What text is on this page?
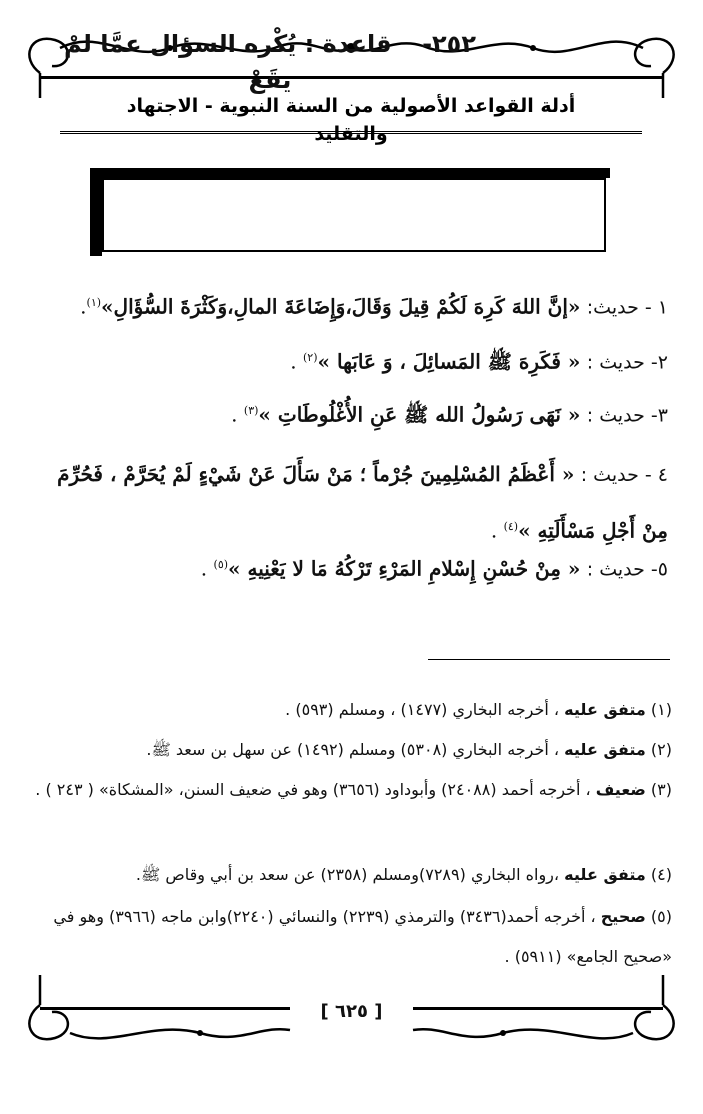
أدلة القواعد الأصولية من السنة النبوية - الاجتهاد والتقليد
٢٥٢- قاعدة : يُكْره السؤال عمَّا لمْ يقَعْ

١ - حديث: «إنَّ اللهَ كَرِهَ لَكُمْ قِيلَ وَقَالَ،وَإِضَاعَةَ المالِ،وَكَثْرَةَ السُّؤَالِ»$^{(١)}$.

٢- حديث : « فَكَرِهَ ﷺ المَسائِلَ ، وَ عَابَها »$^{(٢)}$ .

٣- حديث : « نَهَى رَسُولُ الله ﷺ عَنِ الأُغْلُوطَاتِ »$^{(٣)}$ .

٤ - حديث : « أَعْظَمُ المُسْلِمِينَ جُرْماً ؛ مَنْ سَأَلَ عَنْ شَيْءٍ لَمْ يُحَرَّمْ ، فَحُرِّمَ مِنْ أَجْلِ مَسْأَلَتِهِ »$^{(٤)}$ .

٥- حديث : « مِنْ حُسْنِ إِسْلامِ المَرْءِ تَرْكُهُ مَا لا يَعْنِيهِ »$^{(٥)}$ .

(١) متفق عليه ، أخرجه البخاري (١٤٧٧) ، ومسلم (٥٩٣) .

(٢) متفق عليه ، أخرجه البخاري (٥٣٠٨) ومسلم (١٤٩٢) عن سهل بن سعد ﷺ.

(٣) ضعيف ، أخرجه أحمد (٢٤٠٨٨) وأبوداود (٣٦٥٦) وهو في ضعيف السنن، «المشكاة» ( ٢٤٣ ) .

(٤) متفق عليه ،رواه البخاري (٧٢٨٩)ومسلم (٢٣٥٨) عن سعد بن أبي وقاص ﷺ.

(٥) صحيح ، أخرجه أحمد(٣٤٣٦) والترمذي (٢٢٣٩) والنسائي (٢٢٤٠)وابن ماجه (٣٩٦٦) وهو في «صحيح الجامع» (٥٩١١) .

[ ٦٢٥ ]
